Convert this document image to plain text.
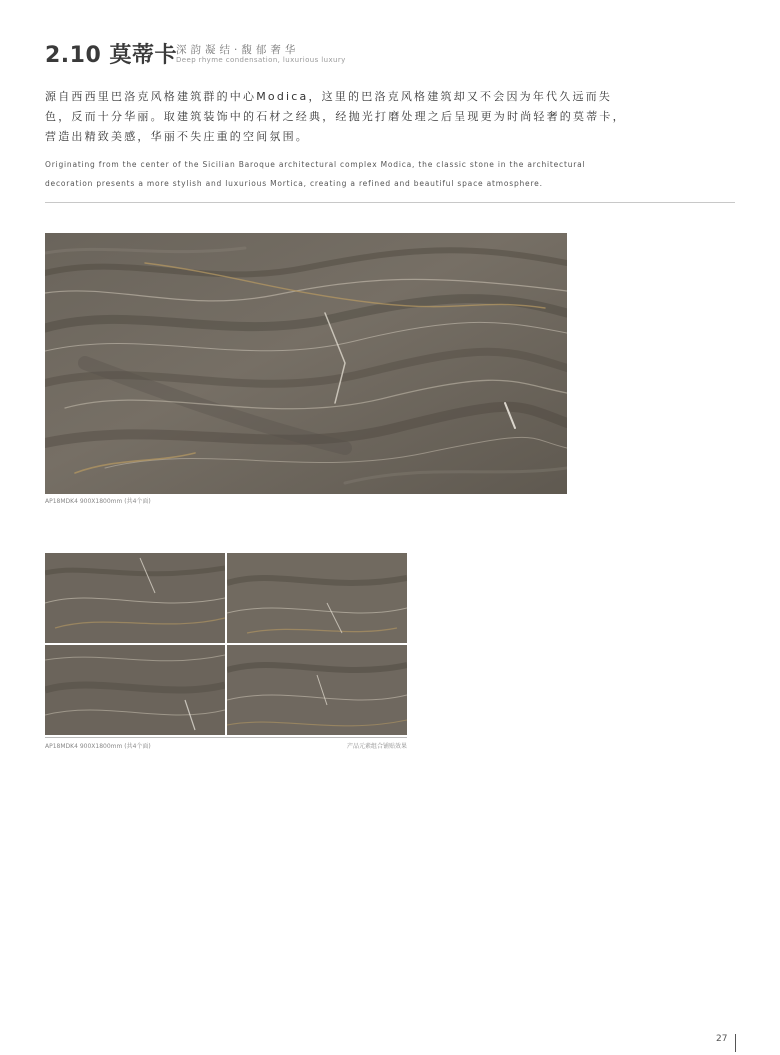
2.10 莫蒂卡 深韵凝结·馥郁奢华
Deep rhyme condensation, luxurious luxury

源自西西里巴洛克风格建筑群的中心Modica，这里的巴洛克风格建筑却又不会因为年代久远而失

色，反而十分华丽。取建筑装饰中的石材之经典，经抛光打磨处理之后呈现更为时尚轻奢的莫蒂卡，

营造出精致美感，华丽不失庄重的空间氛围。

Originating from the center of the Sicilian Baroque architectural complex Modica, the classic stone in the architectural

decoration presents a more stylish and luxurious Mortica, creating a refined and beautiful space atmosphere.

AP18MDK4 900X1800mm (共4个面)
AP18MDK4 900X1800mm (共4个面)	产品元素组合铺贴效果
27
